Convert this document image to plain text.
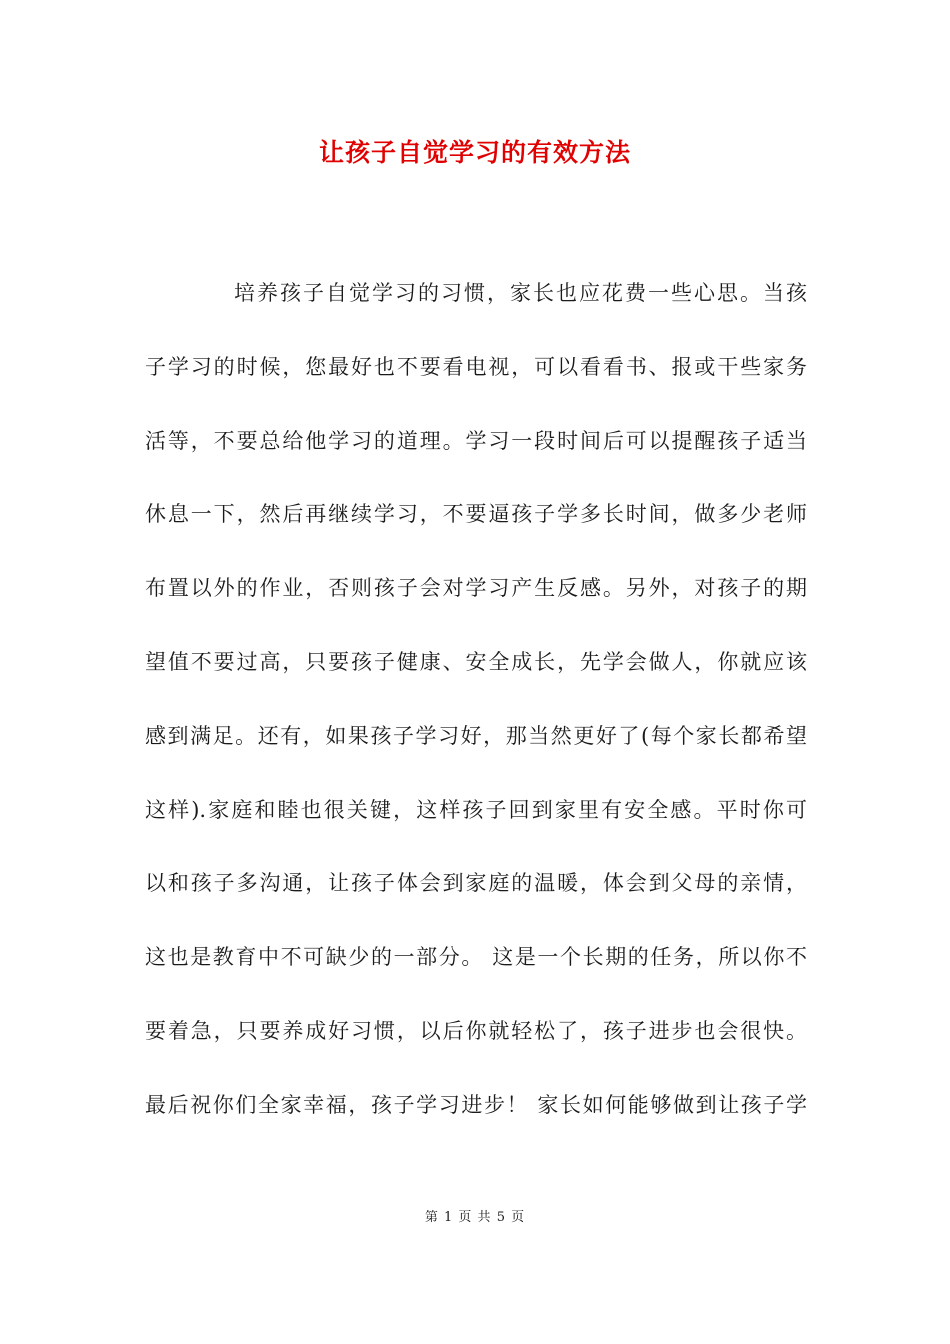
让孩子自觉学习的有效方法
培养孩子自觉学习的习惯，家长也应花费一些心思。当孩
子学习的时候，您最好也不要看电视，可以看看书、报或干些家务
活等，不要总给他学习的道理。学习一段时间后可以提醒孩子适当
休息一下，然后再继续学习，不要逼孩子学多长时间，做多少老师
布置以外的作业，否则孩子会对学习产生反感。另外，对孩子的期
望值不要过高，只要孩子健康、安全成长，先学会做人，你就应该
感到满足。还有，如果孩子学习好，那当然更好了(每个家长都希望
这样).家庭和睦也很关键，这样孩子回到家里有安全感。平时你可
以和孩子多沟通，让孩子体会到家庭的温暖，体会到父母的亲情，
这也是教育中不可缺少的一部分。 这是一个长期的任务，所以你不
要着急，只要养成好习惯，以后你就轻松了，孩子进步也会很快。
最后祝你们全家幸福，孩子学习进步！ 家长如何能够做到让孩子学
第 1 页 共 5 页
